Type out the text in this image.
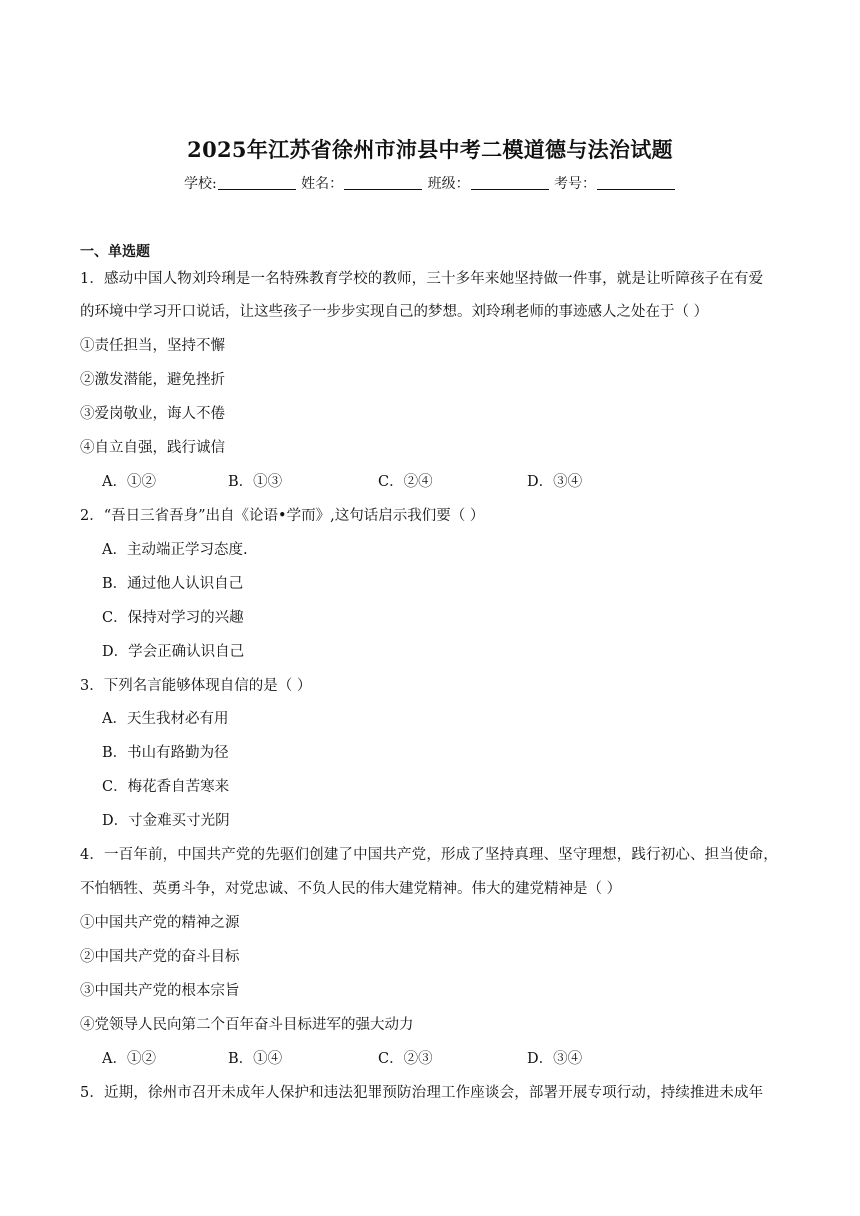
2025年江苏省徐州市沛县中考二模道德与法治试题
学校:	姓名：	班级：	考号：
一、单选题
1．感动中国人物刘玲琍是一名特殊教育学校的教师，三十多年来她坚持做一件事，就是让听障孩子在有爱
的环境中学习开口说话，让这些孩子一步步实现自己的梦想。刘玲琍老师的事迹感人之处在于（ ）
①责任担当，坚持不懈
②激发潜能，避免挫折
③爱岗敬业，诲人不倦
④自立自强，践行诚信
A．①②	B．①③	C．②④	D．③④
2．“吾日三省吾身”出自《论语•学而》,这句话启示我们要（ ）
A．主动端正学习态度.
B．通过他人认识自己
C．保持对学习的兴趣
D．学会正确认识自己
3．下列名言能够体现自信的是（ ）
A．天生我材必有用
B．书山有路勤为径
C．梅花香自苦寒来
D．寸金难买寸光阴
4．一百年前，中国共产党的先驱们创建了中国共产党，形成了坚持真理、坚守理想，践行初心、担当使命，
不怕牺牲、英勇斗争，对党忠诚、不负人民的伟大建党精神。伟大的建党精神是（ ）
①中国共产党的精神之源
②中国共产党的奋斗目标
③中国共产党的根本宗旨
④党领导人民向第二个百年奋斗目标进军的强大动力
A．①②	B．①④	C．②③	D．③④
5．近期，徐州市召开未成年人保护和违法犯罪预防治理工作座谈会，部署开展专项行动，持续推进未成年
